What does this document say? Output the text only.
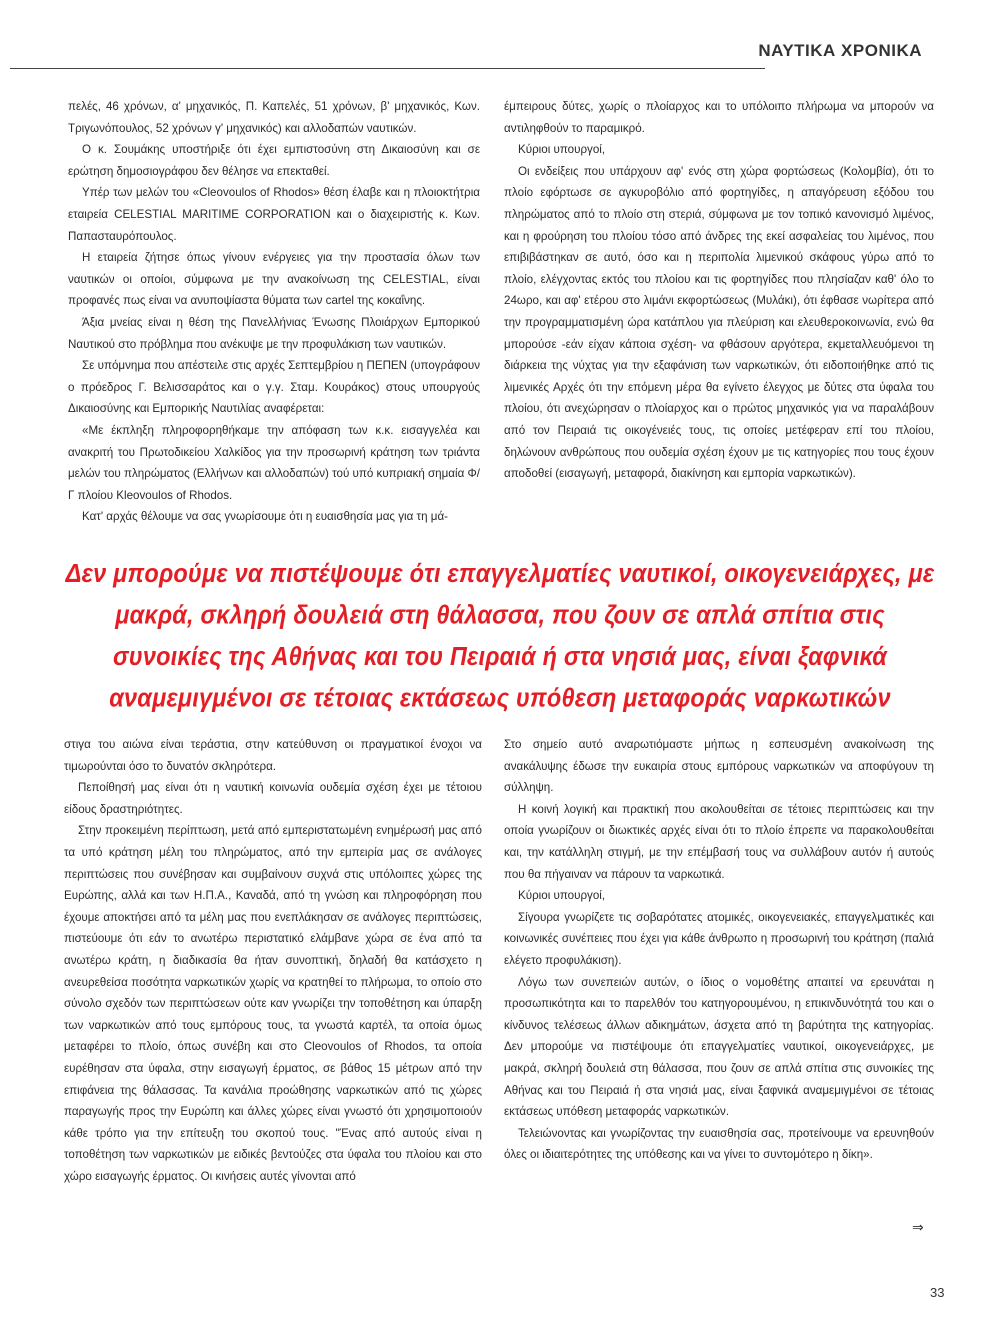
ΝΑΥΤΙΚΑ ΧΡΟΝΙΚΑ

πελές, 46 χρόνων, α' μηχανικός, Π. Καπελές, 51 χρόνων, β' μηχανικός, Κων. Τριγωνόπουλος, 52 χρόνων γ' μηχανικός) και αλλοδαπών ναυτικών.

Ο κ. Σουμάκης υποστήριξε ότι έχει εμπιστοσύνη στη Δικαιοσύνη και σε ερώτηση δημοσιογράφου δεν θέλησε να επεκταθεί.

Υπέρ των μελών του «Cleovoulos of Rhodos» θέση έλαβε και η πλοιοκτήτρια εταιρεία CELESTIAL MARITIME CORPORATION και ο διαχειριστής κ. Κων. Παπασταυρόπουλος.

Η εταιρεία ζήτησε όπως γίνουν ενέργειες για την προστασία όλων των ναυτικών οι οποίοι, σύμφωνα με την ανακοίνωση της CELESTIAL, είναι προφανές πως είναι να ανυποψίαστα θύματα των cartel της κοκαΐνης.

Άξια μνείας είναι η θέση της Πανελλήνιας Ένωσης Πλοιάρχων Εμπορικού Ναυτικού στο πρόβλημα που ανέκυψε με την προφυλάκιση των ναυτικών.

Σε υπόμνημα που απέστειλε στις αρχές Σεπτεμβρίου η ΠΕΠΕΝ (υπογράφουν ο πρόεδρος Γ. Βελισσαράτος και ο γ.γ. Σταμ. Κουράκος) στους υπουργούς Δικαιοσύνης και Εμπορικής Ναυτιλίας αναφέρεται:

«Με έκπληξη πληροφορηθήκαμε την απόφαση των κ.κ. εισαγγελέα και ανακριτή του Πρωτοδικείου Χαλκίδος για την προσωρινή κράτηση των τριάντα μελών του πληρώματος (Ελλήνων και αλλοδαπών) τού υπό κυπριακή σημαία Φ/Γ πλοίου Kleovoulos of Rhodos.

Κατ' αρχάς θέλουμε να σας γνωρίσουμε ότι η ευαισθησία μας για τη μά-

έμπειρους δύτες, χωρίς ο πλοίαρχος και το υπόλοιπο πλήρωμα να μπορούν να αντιληφθούν το παραμικρό.

Κύριοι υπουργοί,

Οι ενδείξεις που υπάρχουν αφ' ενός στη χώρα φορτώσεως (Κολομβία), ότι το πλοίο εφόρτωσε σε αγκυροβόλιο από φορτηγίδες, η απαγόρευση εξόδου του πληρώματος από το πλοίο στη στεριά, σύμφωνα με τον τοπικό κανονισμό λιμένος, και η φρούρηση του πλοίου τόσο από άνδρες της εκεί ασφαλείας του λιμένος, που επιβιβάστηκαν σε αυτό, όσο και η περιπολία λιμενικού σκάφους γύρω από το πλοίο, ελέγχοντας εκτός του πλοίου και τις φορτηγίδες που πλησίαζαν καθ' όλο το 24ωρο, και αφ' ετέρου στο λιμάνι εκφορτώσεως (Μυλάκι), ότι έφθασε νωρίτερα από την προγραμματισμένη ώρα κατάπλου για πλεύριση και ελευθεροκοινωνία, ενώ θα μπορούσε -εάν είχαν κάποια σχέση- να φθάσουν αργότερα, εκμεταλλευόμενοι τη διάρκεια της νύχτας για την εξαφάνιση των ναρκωτικών, ότι ειδοποιήθηκε από τις λιμενικές Αρχές ότι την επόμενη μέρα θα εγίνετο έλεγχος με δύτες στα ύφαλα του πλοίου, ότι ανεχώρησαν ο πλοίαρχος και ο πρώτος μηχανικός για να παραλάβουν από τον Πειραιά τις οικογένειές τους, τις οποίες μετέφεραν επί του πλοίου, δηλώνουν ανθρώπους που ουδεμία σχέση έχουν με τις κατηγορίες που τους έχουν αποδοθεί (εισαγωγή, μεταφορά, διακίνηση και εμπορία ναρκωτικών).

Δεν μπορούμε να πιστέψουμε ότι επαγγελματίες ναυτικοί, οικογενειάρχες, με μακρά, σκληρή δουλειά στη θάλασσα, που ζουν σε απλά σπίτια στις συνοικίες της Αθήνας και του Πειραιά ή στα νησιά μας, είναι ξαφνικά αναμεμιγμένοι σε τέτοιας εκτάσεως υπόθεση μεταφοράς ναρκωτικών

στιγα του αιώνα είναι τεράστια, στην κατεύθυνση οι πραγματικοί ένοχοι να τιμωρούνται όσο το δυνατόν σκληρότερα.

Πεποίθησή μας είναι ότι η ναυτική κοινωνία ουδεμία σχέση έχει με τέτοιου είδους δραστηριότητες.

Στην προκειμένη περίπτωση, μετά από εμπεριστατωμένη ενημέρωσή μας από τα υπό κράτηση μέλη του πληρώματος, από την εμπειρία μας σε ανάλογες περιπτώσεις που συνέβησαν και συμβαίνουν συχνά στις υπόλοιπες χώρες της Ευρώπης, αλλά και των Η.Π.Α., Καναδά, από τη γνώση και πληροφόρηση που έχουμε αποκτήσει από τα μέλη μας που ενεπλάκησαν σε ανάλογες περιπτώσεις, πιστεύουμε ότι εάν το ανωτέρω περιστατικό ελάμβανε χώρα σε ένα από τα ανωτέρω κράτη, η διαδικασία θα ήταν συνοπτική, δηλαδή θα κατάσχετο η ανευρεθείσα ποσότητα ναρκωτικών χωρίς να κρατηθεί το πλήρωμα, το οποίο στο σύνολο σχεδόν των περιπτώσεων ούτε καν γνωρίζει την τοποθέτηση και ύπαρξη των ναρκωτικών από τους εμπόρους τους, τα γνωστά καρτέλ, τα οποία όμως μεταφέρει το πλοίο, όπως συνέβη και στο Cleovoulos of Rhodos, τα οποία ευρέθησαν στα ύφαλα, στην εισαγωγή έρματος, σε βάθος 15 μέτρων από την επιφάνεια της θάλασσας. Τα κανάλια προώθησης ναρκωτικών από τις χώρες παραγωγής προς την Ευρώπη και άλλες χώρες είναι γνωστό ότι χρησιμοποιούν κάθε τρόπο για την επίτευξη του σκοπού τους. "Ένας από αυτούς είναι η τοποθέτηση των ναρκωτικών με ειδικές βεντούζες στα ύφαλα του πλοίου και στο χώρο εισαγωγής έρματος. Οι κινήσεις αυτές γίνονται από

Στο σημείο αυτό αναρωτιόμαστε μήπως η εσπευσμένη ανακοίνωση της ανακάλυψης έδωσε την ευκαιρία στους εμπόρους ναρκωτικών να αποφύγουν τη σύλληψη.

Η κοινή λογική και πρακτική που ακολουθείται σε τέτοιες περιπτώσεις και την οποία γνωρίζουν οι διωκτικές αρχές είναι ότι το πλοίο έπρεπε να παρακολουθείται και, την κατάλληλη στιγμή, με την επέμβασή τους να συλλάβουν αυτόν ή αυτούς που θα πήγαιναν να πάρουν τα ναρκωτικά.

Κύριοι υπουργοί,

Σίγουρα γνωρίζετε τις σοβαρότατες ατομικές, οικογενειακές, επαγγελματικές και κοινωνικές συνέπειες που έχει για κάθε άνθρωπο η προσωρινή του κράτηση (παλιά ελέγετο προφυλάκιση).

Λόγω των συνεπειών αυτών, ο ίδιος ο νομοθέτης απαιτεί να ερευνάται η προσωπικότητα και το παρελθόν του κατηγορουμένου, η επικινδυνότητά του και ο κίνδυνος τελέσεως άλλων αδικημάτων, άσχετα από τη βαρύτητα της κατηγορίας. Δεν μπορούμε να πιστέψουμε ότι επαγγελματίες ναυτικοί, οικογενειάρχες, με μακρά, σκληρή δουλειά στη θάλασσα, που ζουν σε απλά σπίτια στις συνοικίες της Αθήνας και του Πειραιά ή στα νησιά μας, είναι ξαφνικά αναμεμιγμένοι σε τέτοιας εκτάσεως υπόθεση μεταφοράς ναρκωτικών.

Τελειώνοντας και γνωρίζοντας την ευαισθησία σας, προτείνουμε να ερευνηθούν όλες οι ιδιαιτερότητες της υπόθεσης και να γίνει το συντομότερο η δίκη».

⇒
33
